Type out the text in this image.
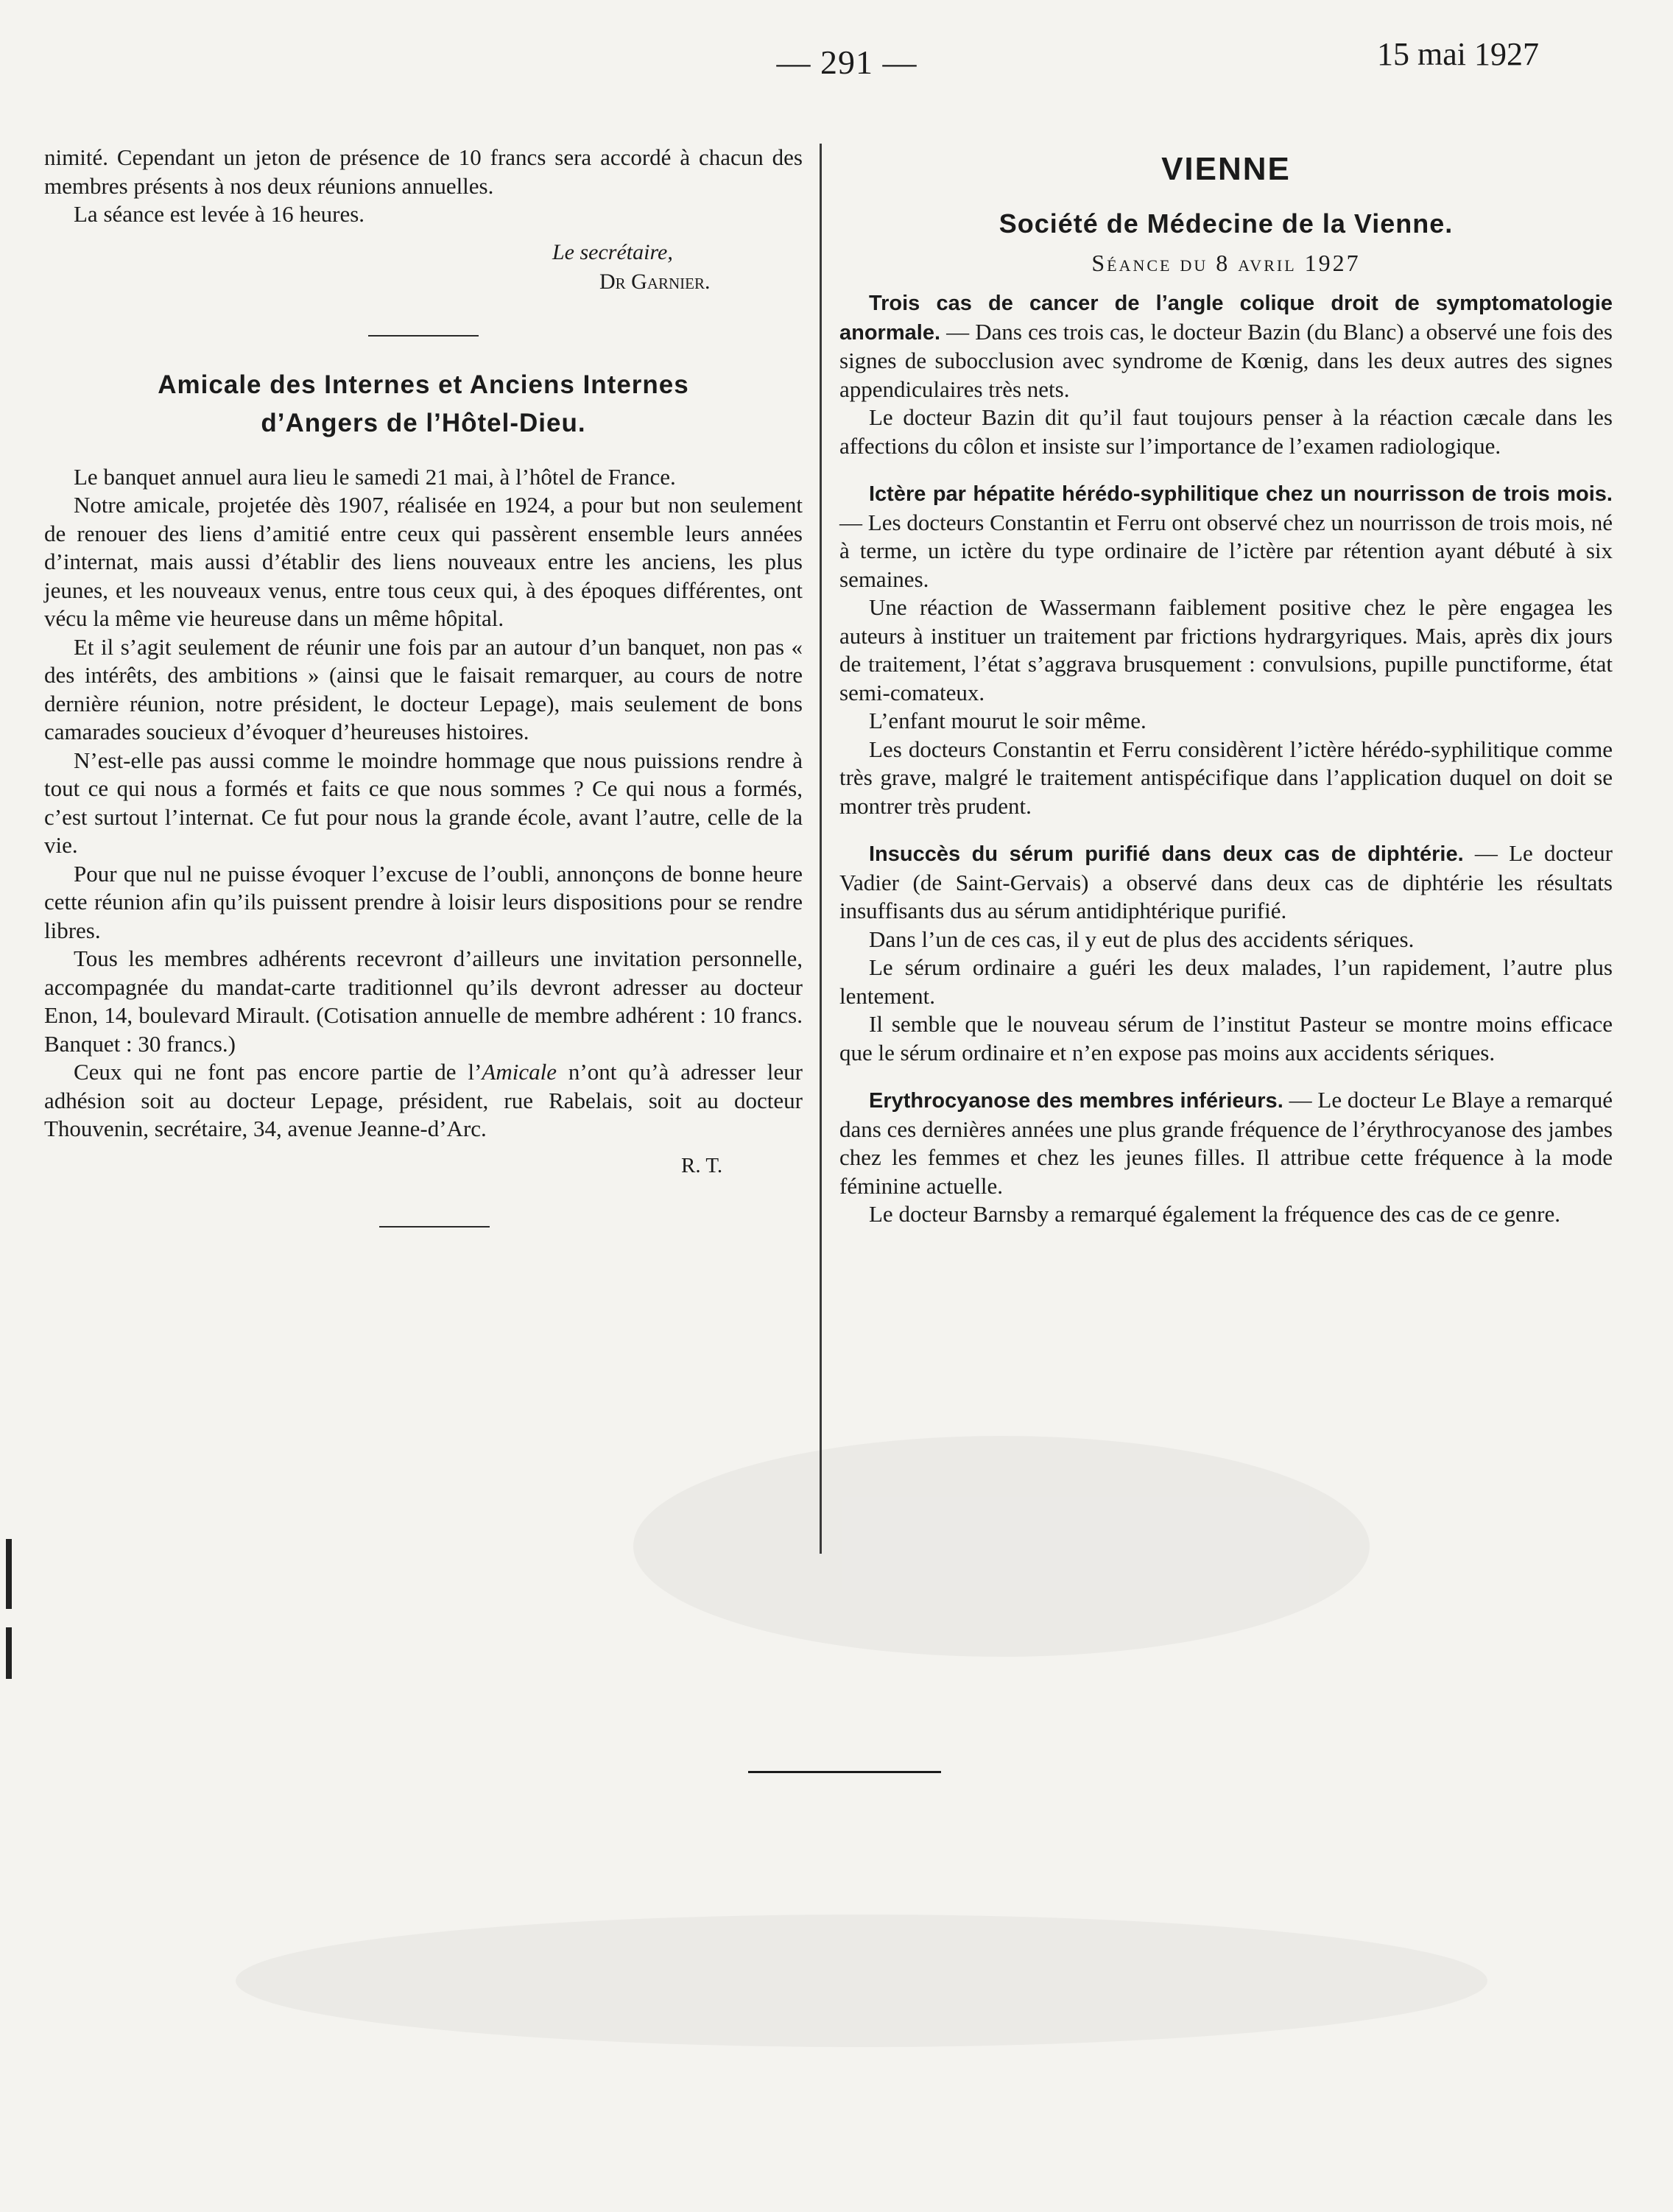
— 291 —	15 mai 1927

nimité. Cependant un jeton de présence de 10 francs sera accordé à chacun des membres présents à nos deux réunions annuelles.

La séance est levée à 16 heures.

Le secrétaire,
Dr Garnier.
Amicale des Internes et Anciens Internes
d’Angers de l’Hôtel-Dieu.

Le banquet annuel aura lieu le samedi 21 mai, à l’hôtel de France.

Notre amicale, projetée dès 1907, réalisée en 1924, a pour but non seulement de renouer des liens d’amitié entre ceux qui passèrent ensemble leurs années d’internat, mais aussi d’établir des liens nouveaux entre les anciens, les plus jeunes, et les nouveaux venus, entre tous ceux qui, à des époques différentes, ont vécu la même vie heureuse dans un même hôpital.

Et il s’agit seulement de réunir une fois par an autour d’un banquet, non pas « des intérêts, des ambitions » (ainsi que le faisait remarquer, au cours de notre dernière réunion, notre président, le docteur Lepage), mais seulement de bons camarades soucieux d’évoquer d’heureuses histoires.

N’est-elle pas aussi comme le moindre hommage que nous puissions rendre à tout ce qui nous a formés et faits ce que nous sommes ? Ce qui nous a formés, c’est surtout l’internat. Ce fut pour nous la grande école, avant l’autre, celle de la vie.

Pour que nul ne puisse évoquer l’excuse de l’oubli, annonçons de bonne heure cette réunion afin qu’ils puissent prendre à loisir leurs dispositions pour se rendre libres.

Tous les membres adhérents recevront d’ailleurs une invitation personnelle, accompagnée du mandat-carte traditionnel qu’ils devront adresser au docteur Enon, 14, boulevard Mirault. (Cotisation annuelle de membre adhérent : 10 francs. Banquet : 30 francs.)

Ceux qui ne font pas encore partie de l’Amicale n’ont qu’à adresser leur adhésion soit au docteur Lepage, président, rue Rabelais, soit au docteur Thouvenin, secrétaire, 34, avenue Jeanne-d’Arc.

R. T.
VIENNE
Société de Médecine de la Vienne.
Séance du 8 avril 1927

Trois cas de cancer de l’angle colique droit de symptomatologie anormale. — Dans ces trois cas, le docteur Bazin (du Blanc) a observé une fois des signes de subocclusion avec syndrome de Kœnig, dans les deux autres des signes appendiculaires très nets.

Le docteur Bazin dit qu’il faut toujours penser à la réaction cæcale dans les affections du côlon et insiste sur l’importance de l’examen radiologique.

Ictère par hépatite hérédo-syphilitique chez un nourrisson de trois mois. — Les docteurs Constantin et Ferru ont observé chez un nourrisson de trois mois, né à terme, un ictère du type ordinaire de l’ictère par rétention ayant débuté à six semaines.

Une réaction de Wassermann faiblement positive chez le père engagea les auteurs à instituer un traitement par frictions hydrargyriques. Mais, après dix jours de traitement, l’état s’aggrava brusquement : convulsions, pupille punctiforme, état semi-comateux.

L’enfant mourut le soir même.

Les docteurs Constantin et Ferru considèrent l’ictère hérédo-syphilitique comme très grave, malgré le traitement antispécifique dans l’application duquel on doit se montrer très prudent.

Insuccès du sérum purifié dans deux cas de diphtérie. — Le docteur Vadier (de Saint-Gervais) a observé dans deux cas de diphtérie les résultats insuffisants dus au sérum antidiphtérique purifié.

Dans l’un de ces cas, il y eut de plus des accidents sériques.

Le sérum ordinaire a guéri les deux malades, l’un rapidement, l’autre plus lentement.

Il semble que le nouveau sérum de l’institut Pasteur se montre moins efficace que le sérum ordinaire et n’en expose pas moins aux accidents sériques.

Erythrocyanose des membres inférieurs. — Le docteur Le Blaye a remarqué dans ces dernières années une plus grande fréquence de l’érythrocyanose des jambes chez les femmes et chez les jeunes filles. Il attribue cette fréquence à la mode féminine actuelle.

Le docteur Barnsby a remarqué également la fréquence des cas de ce genre.
